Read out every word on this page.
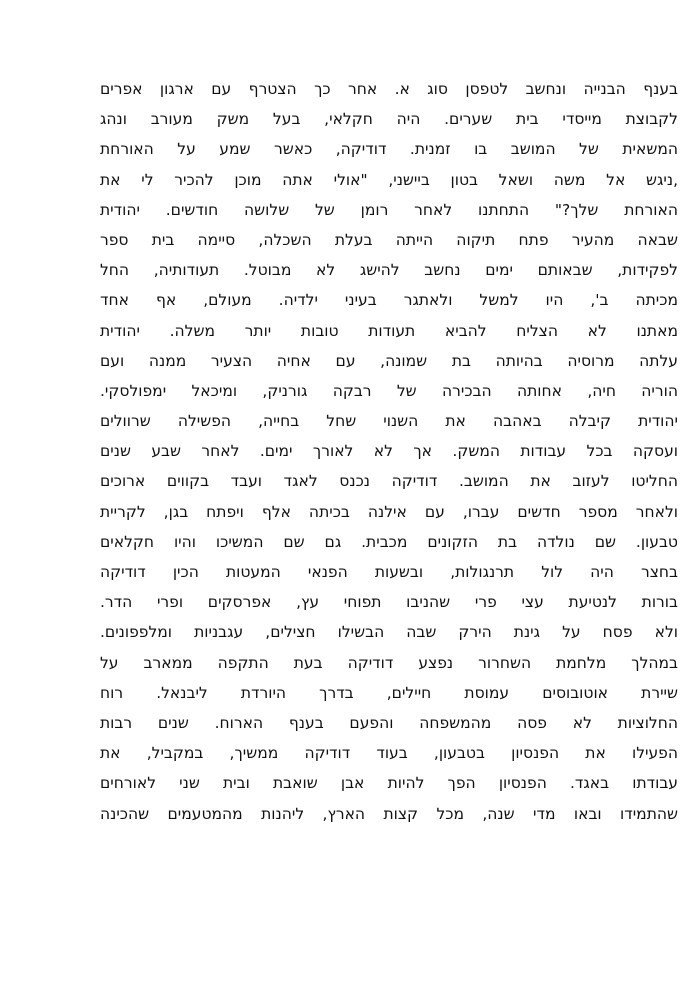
בענף הבנייה ונחשב לטפסן סוג א. אחר כך הצטרף עם ארגון אפרים
לקבוצת מייסדי בית שערים. היה חקלאי, בעל משק מעורב ונהג
המשאית של המושב בו זמנית. דודיקה, כאשר שמע על האורחת
,ניגש אל משה ושאל בטון ביישני, "אולי אתה מוכן להכיר לי את
האורחת שלך?" התחתנו לאחר רומן של שלושה חודשים. יהודית
שבאה מהעיר פתח תיקוה הייתה בעלת השכלה, סיימה בית ספר
לפקידות, שבאותם ימים נחשב להישג לא מבוטל. תעודותיה, החל
מכיתה ב', היו למשל ולאתגר בעיני ילדיה. מעולם, אף אחד
מאתנו לא הצליח להביא תעודות טובות יותר משלה. יהודית
עלתה מרוסיה בהיותה בת שמונה, עם אחיה הצעיר ממנה ועם
הוריה חיה, אחותה הבכירה של רבקה גורניק, ומיכאל ימפולסקי.
יהודית קיבלה באהבה את השנוי שחל בחייה, הפשילה שרוולים
ועסקה בכל עבודות המשק. אך לא לאורך ימים. לאחר שבע שנים
החליטו לעזוב את המושב. דודיקה נכנס לאגד ועבד בקווים ארוכים
ולאחר מספר חדשים עברו, עם אילנה בכיתה אלף ויפתח בגן, לקריית
טבעון. שם נולדה בת הזקונים מכבית. גם שם המשיכו והיו חקלאים
בחצר היה לול תרנגולות, ובשעות הפנאי המעטות הכין דודיקה
בורות לנטיעת עצי פרי שהניבו תפוחי עץ, אפרסקים ופרי הדר.
ולא פסח על גינת הירק שבה הבשילו חצילים, עגבניות ומלפפונים.
במהלך מלחמת השחרור נפצע דודיקה בעת התקפה ממארב על
שיירת אוטובוסים עמוסת חיילים, בדרך היורדת ליבנאל. רוח
החלוציות לא פסה מהמשפחה והפעם בענף הארוח. שנים רבות
הפעילו את הפנסיון בטבעון, בעוד דודיקה ממשיך, במקביל, את
עבודתו באגד. הפנסיון הפך להיות אבן שואבת ובית שני לאורחים
שהתמידו ובאו מדי שנה, מכל קצות הארץ, ליהנות מהמטעמים שהכינה
